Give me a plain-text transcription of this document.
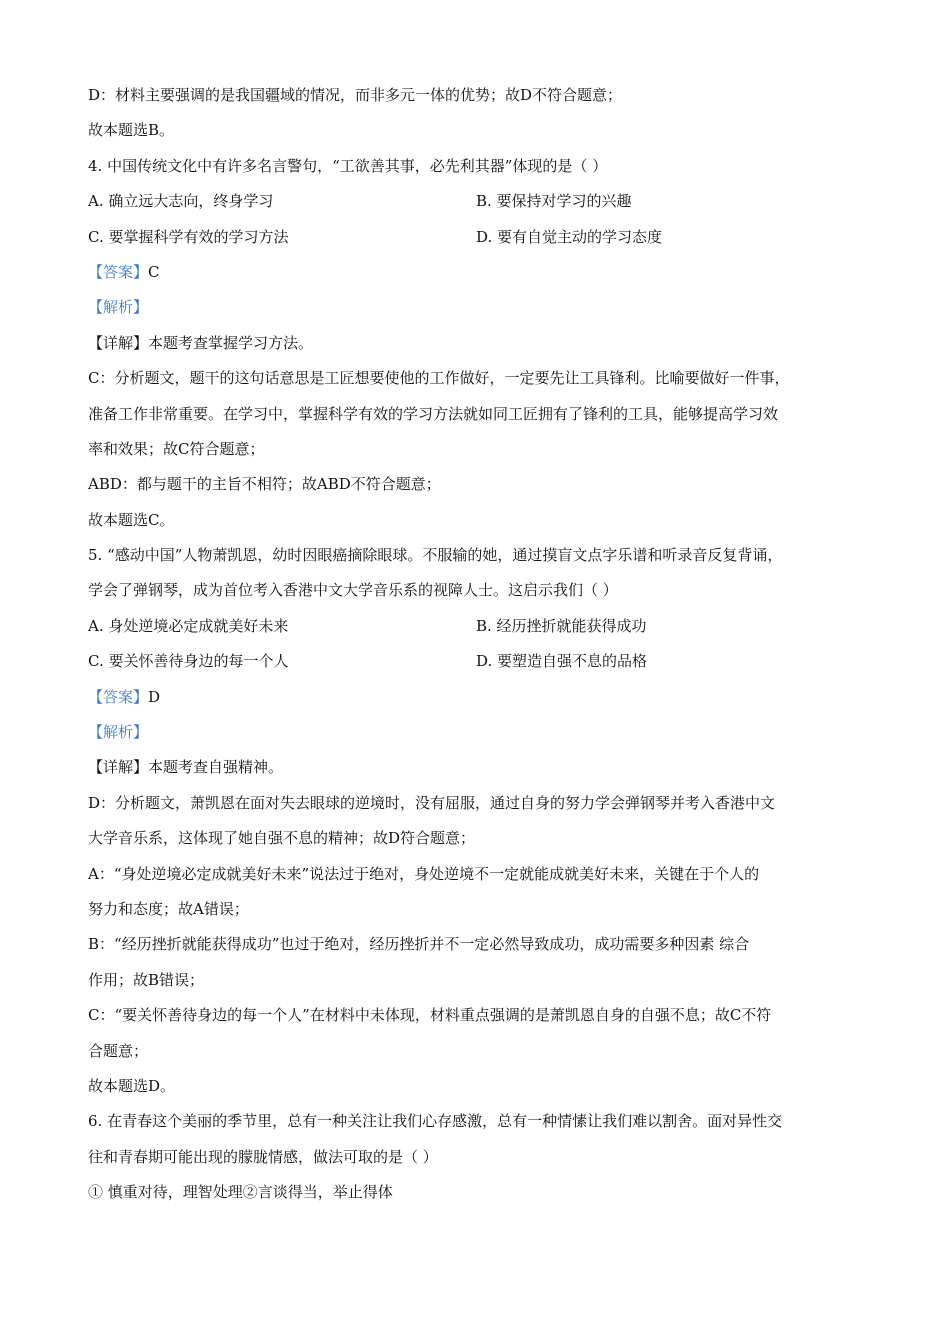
D：材料主要强调的是我国疆域的情况，而非多元一体的优势；故D不符合题意；
故本题选B。
4. 中国传统文化中有许多名言警句，“工欲善其事，必先利其器”体现的是（ ）
A. 确立远大志向，终身学习	B. 要保持对学习的兴趣
C. 要掌握科学有效的学习方法	D. 要有自觉主动的学习态度
【答案】C
【解析】
【详解】本题考查掌握学习方法。
C：分析题文，题干的这句话意思是工匠想要使他的工作做好，一定要先让工具锋利。比喻要做好一件事，
准备工作非常重要。在学习中，掌握科学有效的学习方法就如同工匠拥有了锋利的工具，能够提高学习效
率和效果；故C符合题意；
ABD：都与题干的主旨不相符；故ABD不符合题意；
故本题选C。
5. “感动中国”人物萧凯恩，幼时因眼癌摘除眼球。不服输的她，通过摸盲文点字乐谱和听录音反复背诵，
学会了弹钢琴，成为首位考入香港中文大学音乐系的视障人士。这启示我们（ ）
A. 身处逆境必定成就美好未来	B. 经历挫折就能获得成功
C. 要关怀善待身边的每一个人	D. 要塑造自强不息的品格
【答案】D
【解析】
【详解】本题考查自强精神。
D：分析题文，萧凯恩在面对失去眼球的逆境时，没有屈服，通过自身的努力学会弹钢琴并考入香港中文
大学音乐系，这体现了她自强不息的精神；故D符合题意；
A：“身处逆境必定成就美好未来”说法过于绝对，身处逆境不一定就能成就美好未来，关键在于个人的
努力和态度；故A错误；
B：“经历挫折就能获得成功”也过于绝对，经历挫折并不一定必然导致成功，成功需要多种因素 综合
作用；故B错误；
C：“要关怀善待身边的每一个人”在材料中未体现，材料重点强调的是萧凯恩自身的自强不息；故C不符
合题意；
故本题选D。
6. 在青春这个美丽的季节里，总有一种关注让我们心存感激，总有一种情愫让我们难以割舍。面对异性交
往和青春期可能出现的朦胧情感，做法可取的是（ ）
① 慎重对待，理智处理②言谈得当，举止得体
